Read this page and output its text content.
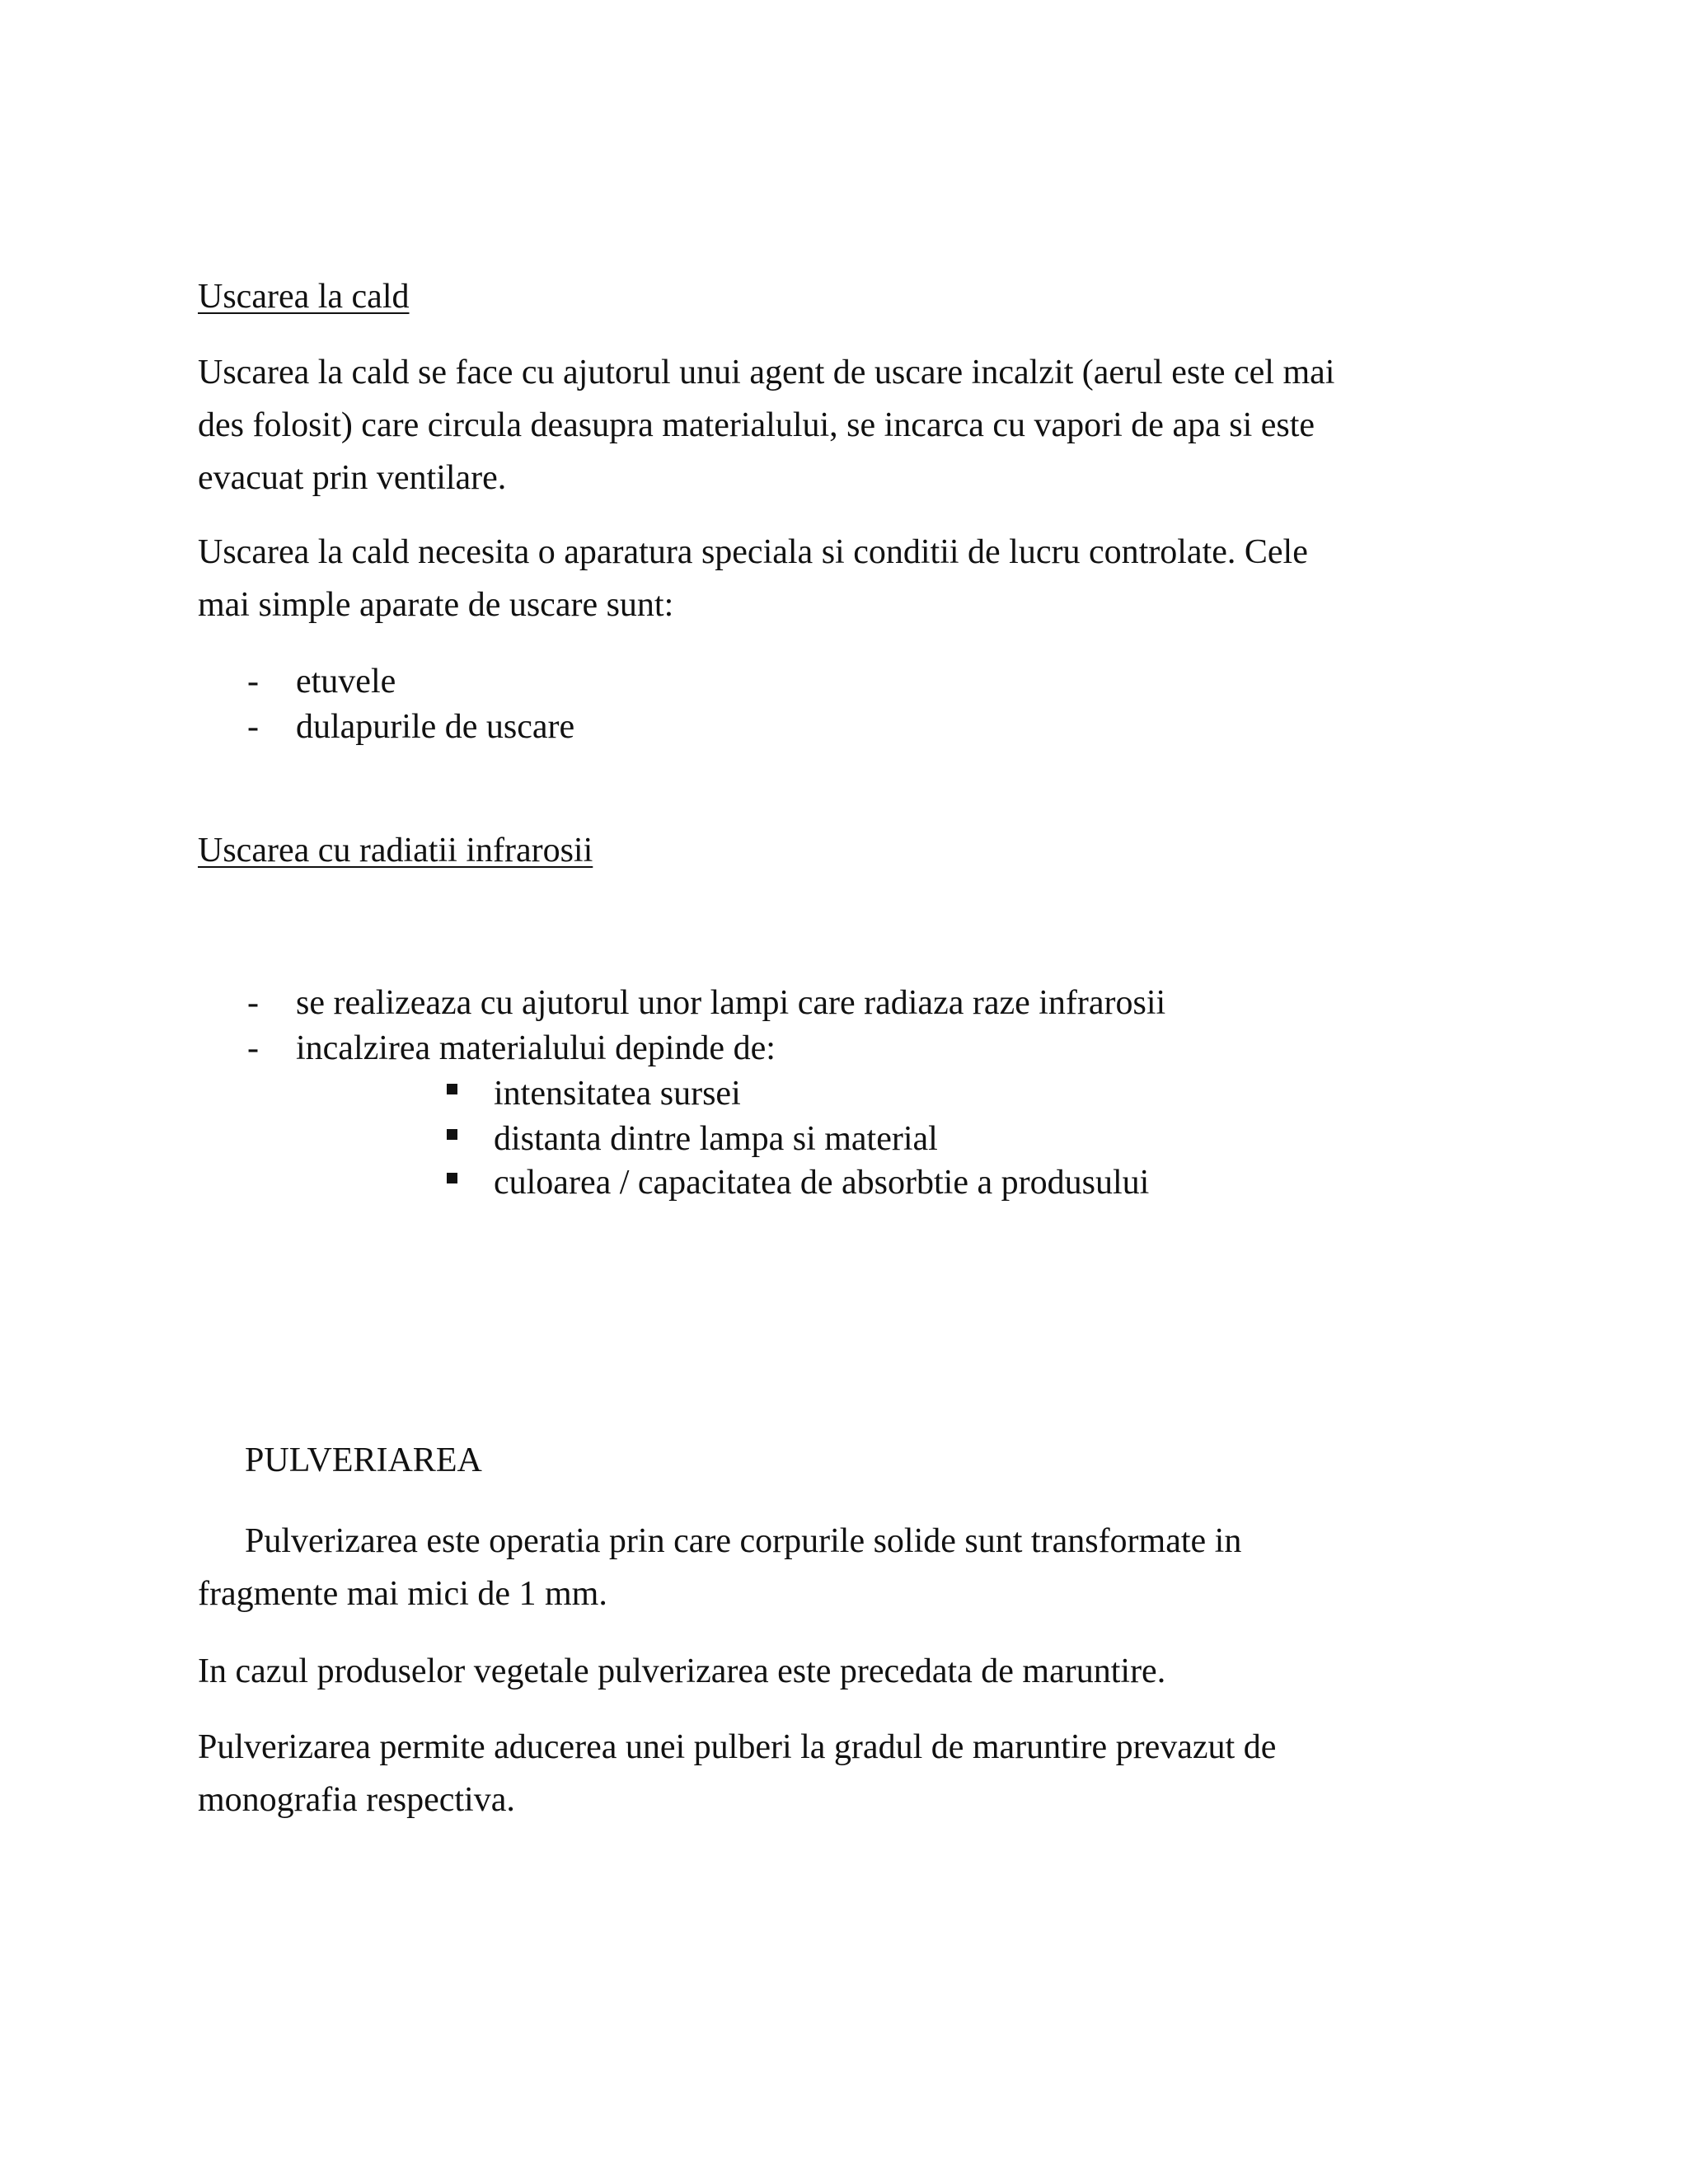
Uscarea la cald

Uscarea la cald se face cu ajutorul unui agent de uscare incalzit (aerul este cel mai

des folosit) care circula deasupra materialului, se incarca cu vapori de apa si este

evacuat prin ventilare.

Uscarea la cald necesita o aparatura speciala si conditii de lucru controlate. Cele

mai simple aparate de uscare sunt:

- etuvele
- dulapurile de uscare

Uscarea cu radiatii infrarosii

- se realizeaza cu ajutorul unor lampi care radiaza raze infrarosii
- incalzirea materialului depinde de:
intensitatea sursei
distanta dintre lampa si material
culoarea / capacitatea de absorbtie a produsului

PULVERIAREA

Pulverizarea este operatia prin care corpurile solide sunt transformate in

fragmente mai mici de 1 mm.

In cazul produselor vegetale pulverizarea este precedata de maruntire.

Pulverizarea permite aducerea unei pulberi la gradul de maruntire prevazut de

monografia respectiva.
